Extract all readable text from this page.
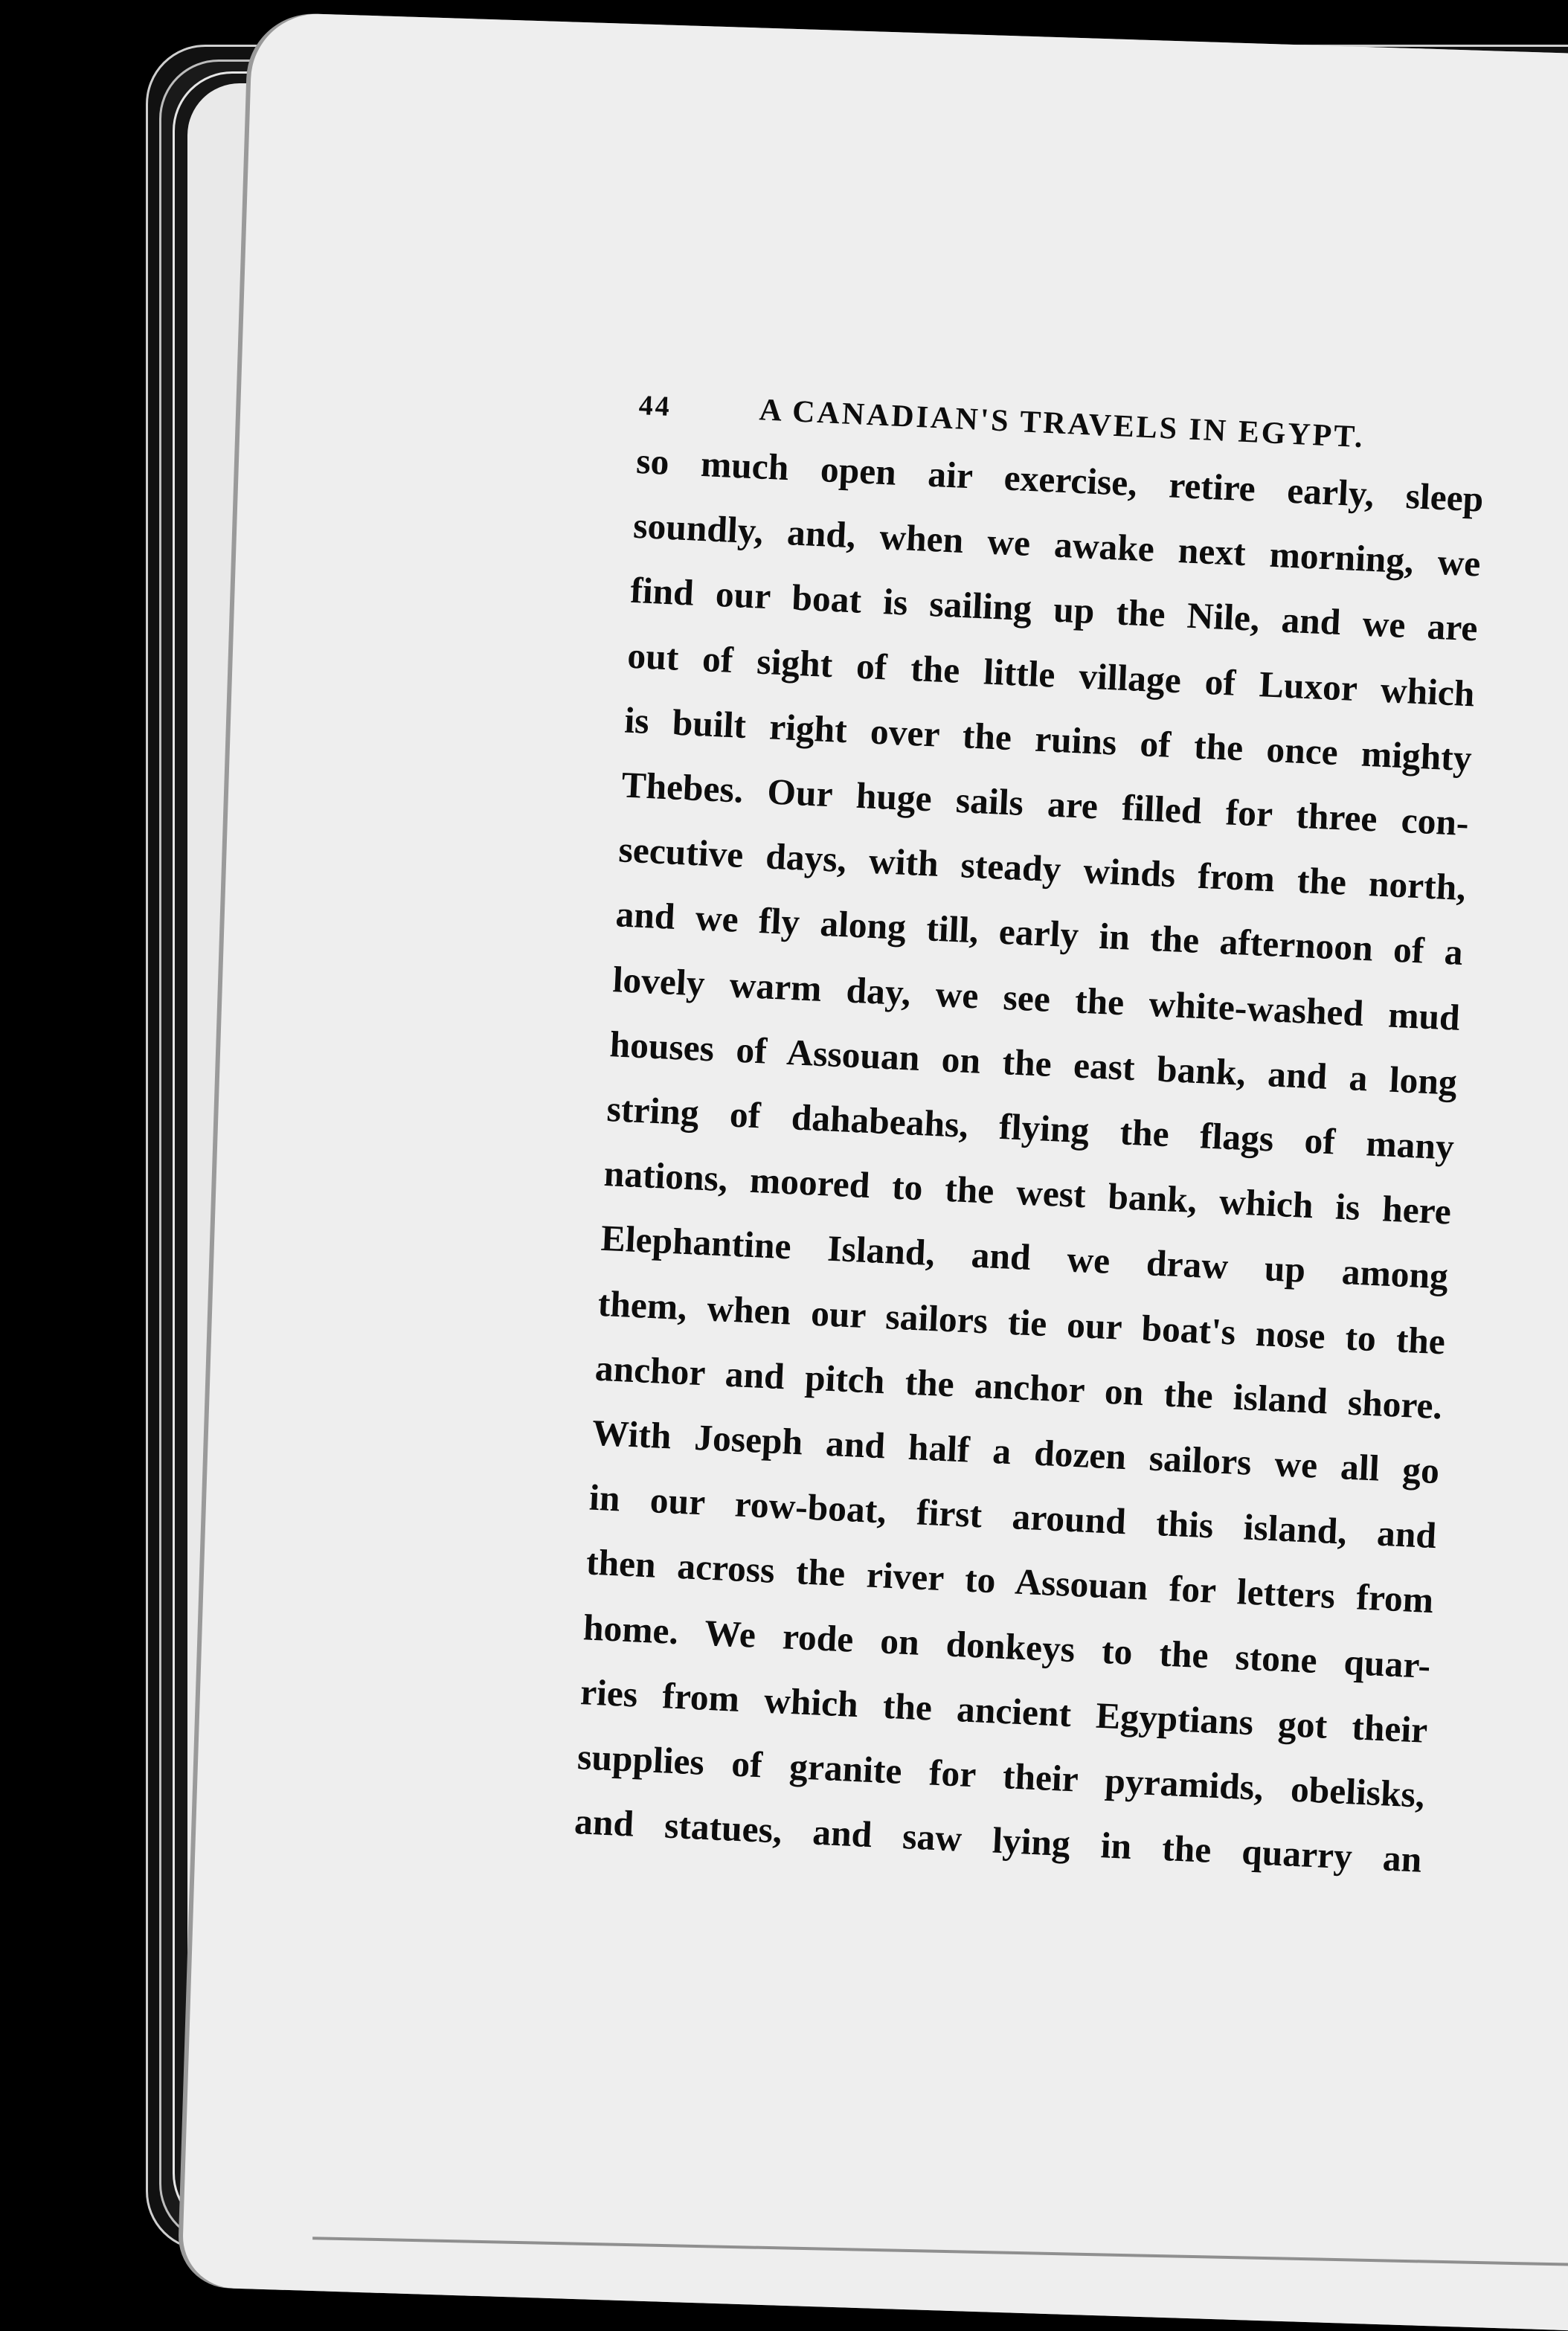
44	A CANADIAN'S TRAVELS IN EGYPT.

so much open air exercise, retire early, sleep
soundly, and, when we awake next morning, we
find our boat is sailing up the Nile, and we are
out of sight of the little village of Luxor which
is built right over the ruins of the once mighty
Thebes. Our huge sails are filled for three con-
secutive days, with steady winds from the north,
and we fly along till, early in the afternoon of a
lovely warm day, we see the white-washed mud
houses of Assouan on the east bank, and a long
string of dahabeahs, flying the flags of many
nations, moored to the west bank, which is here
Elephantine Island, and we draw up among
them, when our sailors tie our boat's nose to the
anchor and pitch the anchor on the island shore.
With Joseph and half a dozen sailors we all go
in our row-boat, first around this island, and
then across the river to Assouan for letters from
home. We rode on donkeys to the stone quar-
ries from which the ancient Egyptians got their
supplies of granite for their pyramids, obelisks,
and statues, and saw lying in the quarry an
